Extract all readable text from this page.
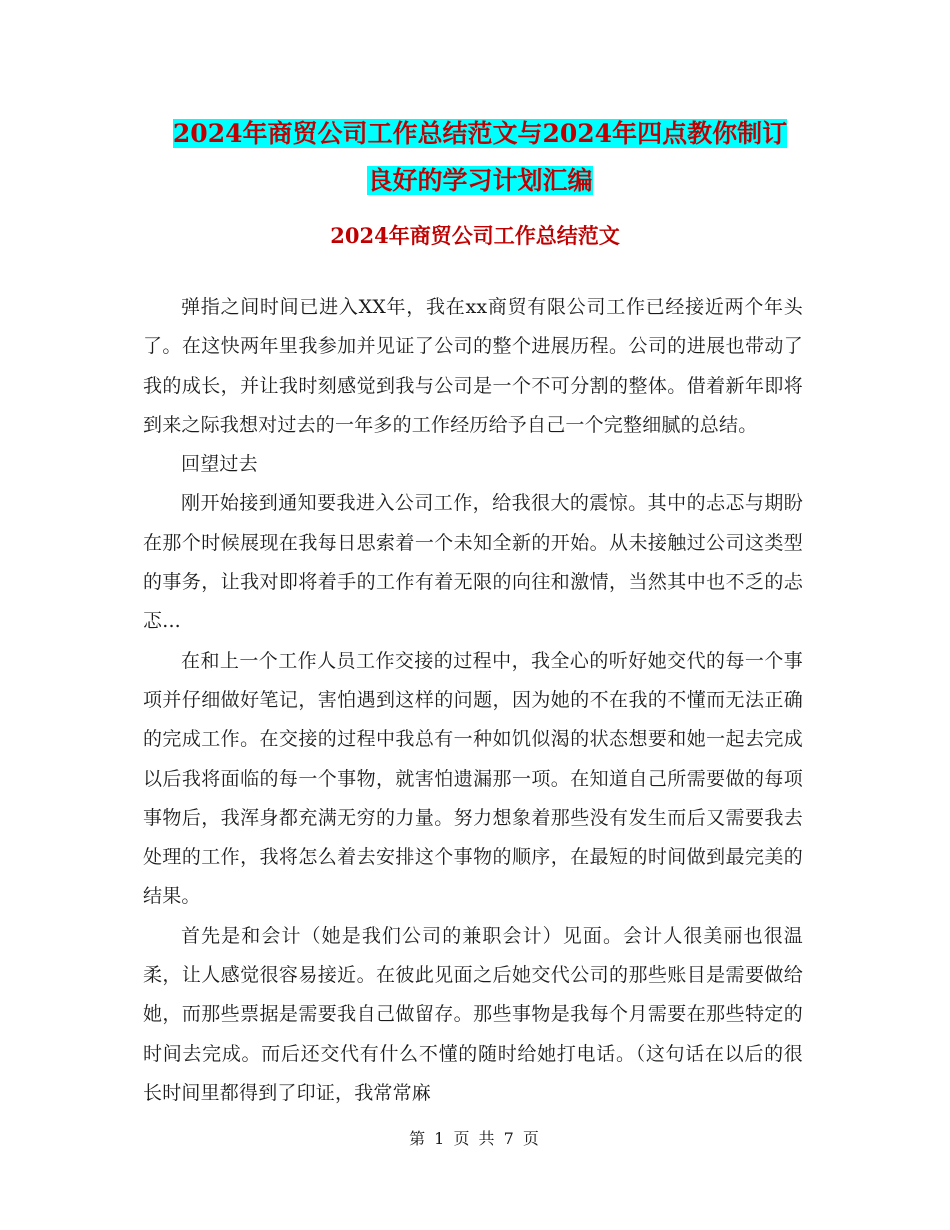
2024年商贸公司工作总结范文与2024年四点教你制订
良好的学习计划汇编
2024年商贸公司工作总结范文

弹指之间时间已进入XX年，我在xx商贸有限公司工作已经接近两个年头了。在这快两年里我参加并见证了公司的整个进展历程。公司的进展也带动了我的成长，并让我时刻感觉到我与公司是一个不可分割的整体。借着新年即将到来之际我想对过去的一年多的工作经历给予自己一个完整细腻的总结。

回望过去

刚开始接到通知要我进入公司工作，给我很大的震惊。其中的忐忑与期盼在那个时候展现在我每日思索着一个未知全新的开始。从未接触过公司这类型的事务，让我对即将着手的工作有着无限的向往和激情，当然其中也不乏的忐忑...

在和上一个工作人员工作交接的过程中，我全心的听好她交代的每一个事项并仔细做好笔记，害怕遇到这样的问题，因为她的不在我的不懂而无法正确的完成工作。在交接的过程中我总有一种如饥似渴的状态想要和她一起去完成以后我将面临的每一个事物，就害怕遗漏那一项。在知道自己所需要做的每项事物后，我浑身都充满无穷的力量。努力想象着那些没有发生而后又需要我去处理的工作，我将怎么着去安排这个事物的顺序，在最短的时间做到最完美的结果。

首先是和会计（她是我们公司的兼职会计）见面。会计人很美丽也很温柔，让人感觉很容易接近。在彼此见面之后她交代公司的那些账目是需要做给她，而那些票据是需要我自己做留存。那些事物是我每个月需要在那些特定的时间去完成。而后还交代有什么不懂的随时给她打电话。（这句话在以后的很长时间里都得到了印证，我常常麻

第 1 页 共 7 页
